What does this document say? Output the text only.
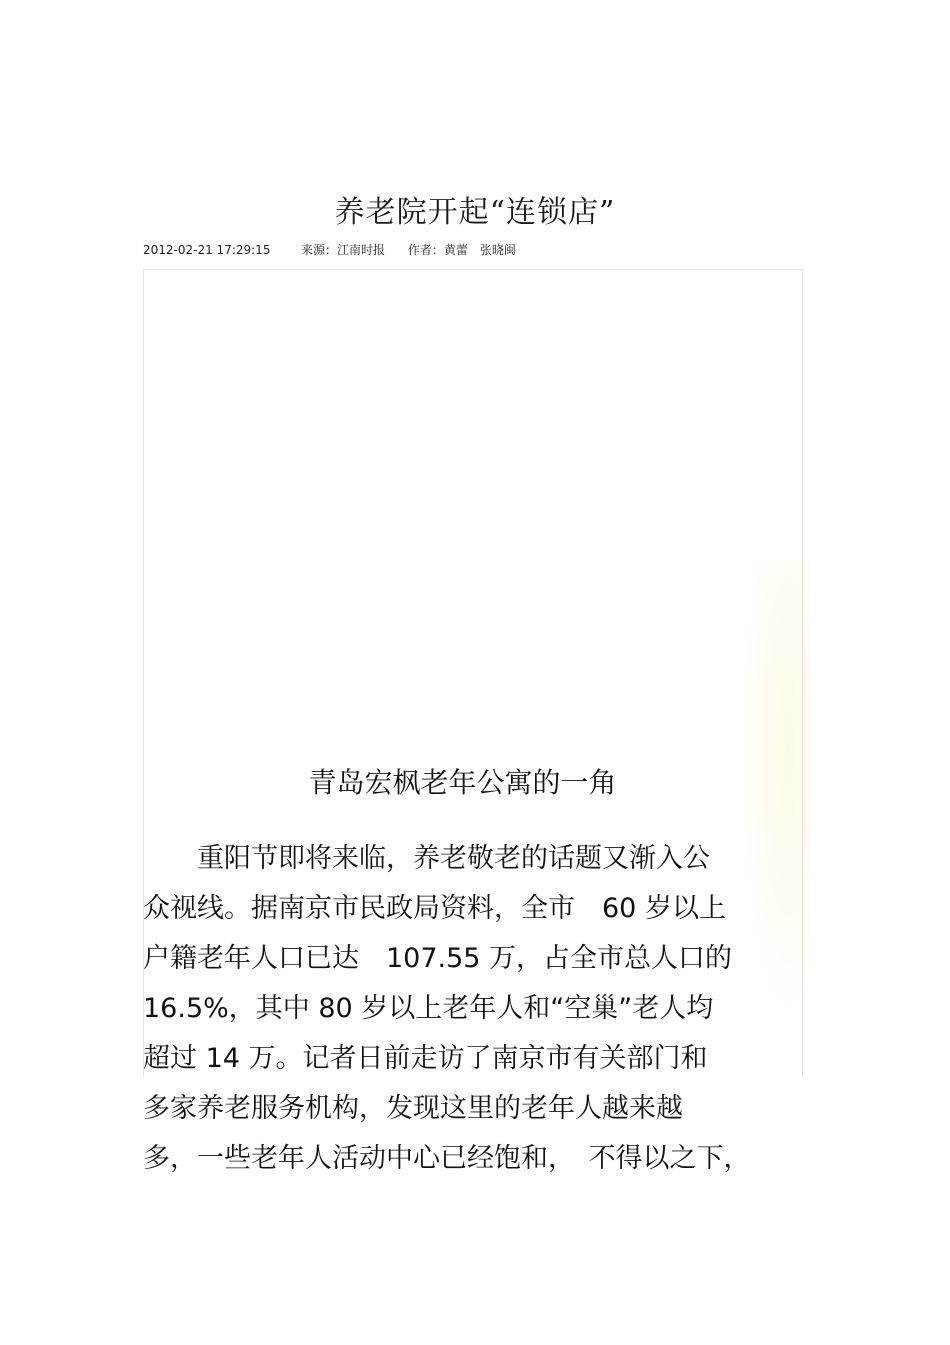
养老院开起“连锁店”
2012-02-21 17:29:15	来源：江南时报 作者：黄蕾　张晓闽
青岛宏枫老年公寓的一角
　　重阳节即将来临，养老敬老的话题又渐入公
众视线。据南京市民政局资料，全市　60 岁以上
户籍老年人口已达　107.55 万，占全市总人口的
16.5%，其中 80 岁以上老年人和“空巢”老人均
超过 14 万。记者日前走访了南京市有关部门和
多家养老服务机构，发现这里的老年人越来越
多，一些老年人活动中心已经饱和，　不得以之下，
